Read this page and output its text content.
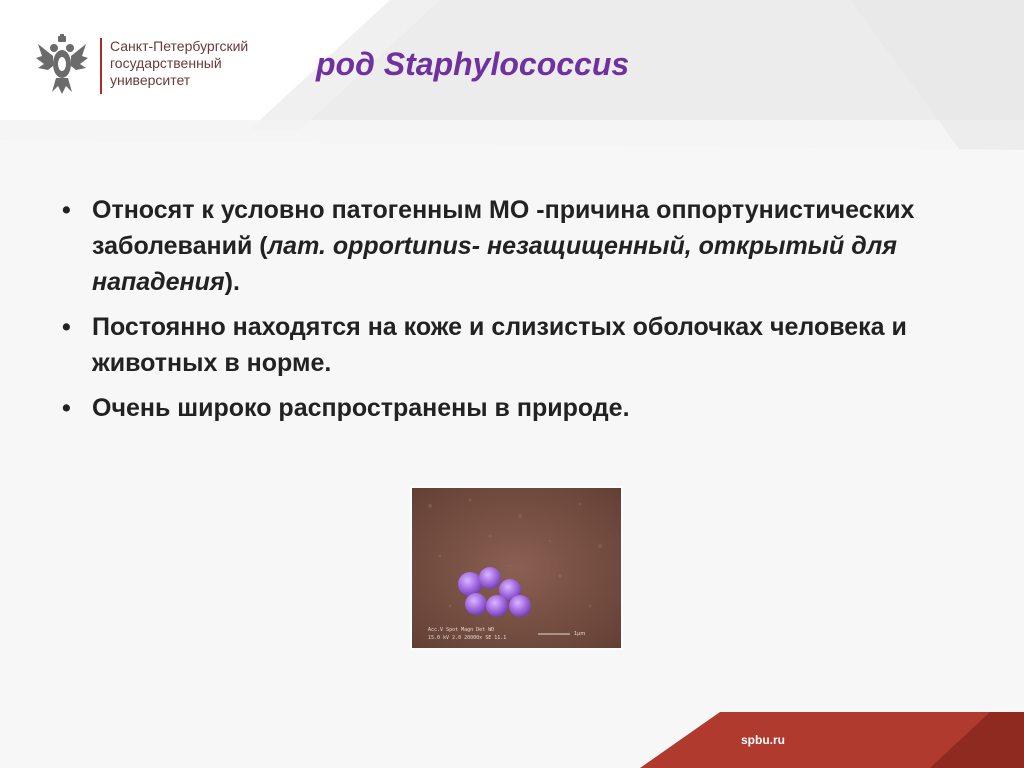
Санкт-Петербургский
государственный
университет	род Staphylococcus
• Относят к условно патогенным МО -причина оппортунистических заболеваний (лат. opportunus- незащищенный, открытый для нападения).
• Постоянно находятся на коже и слизистых оболочках человека и животных в норме.
• Очень широко распространены в природе.
Acc.V Spot Magn Det WD
15.0 kV 2.0 20000x SE 11.1
1μm
spbu.ru
